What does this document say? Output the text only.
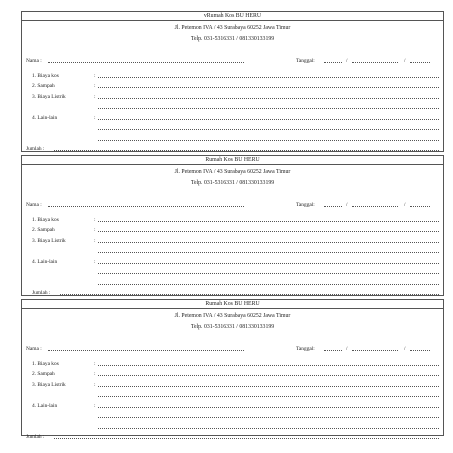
vRumah Kos BU HERU
Jl. Petemon IVA / 43 Surabaya 60252 Jawa Timur
Telp. 031-5316331 / 081330133199
Nama :	Tanggal:	/	/
1. Biaya kos	:
2. Sampah	:
3. Biaya Listrik	:
4. Lain-lain	:
Jumlah :
Rumah Kos BU HERU
Jl. Petemon IVA / 43 Surabaya 60252 Jawa Timur
Telp. 031-5316331 / 081330133199
Nama :	Tanggal:	/	/
1. Biaya kos	:
2. Sampah	:
3. Biaya Listrik	:
4. Lain-lain	:
Jumlah :
Rumah Kos BU HERU
Jl. Petemon IVA / 43 Surabaya 60252 Jawa Timur
Telp. 031-5316331 / 081330133199
Nama :	Tanggal:	/	/
1. Biaya kos	:
2. Sampah	:
3. Biaya Listrik	:
4. Lain-lain	:
Jumlah :
